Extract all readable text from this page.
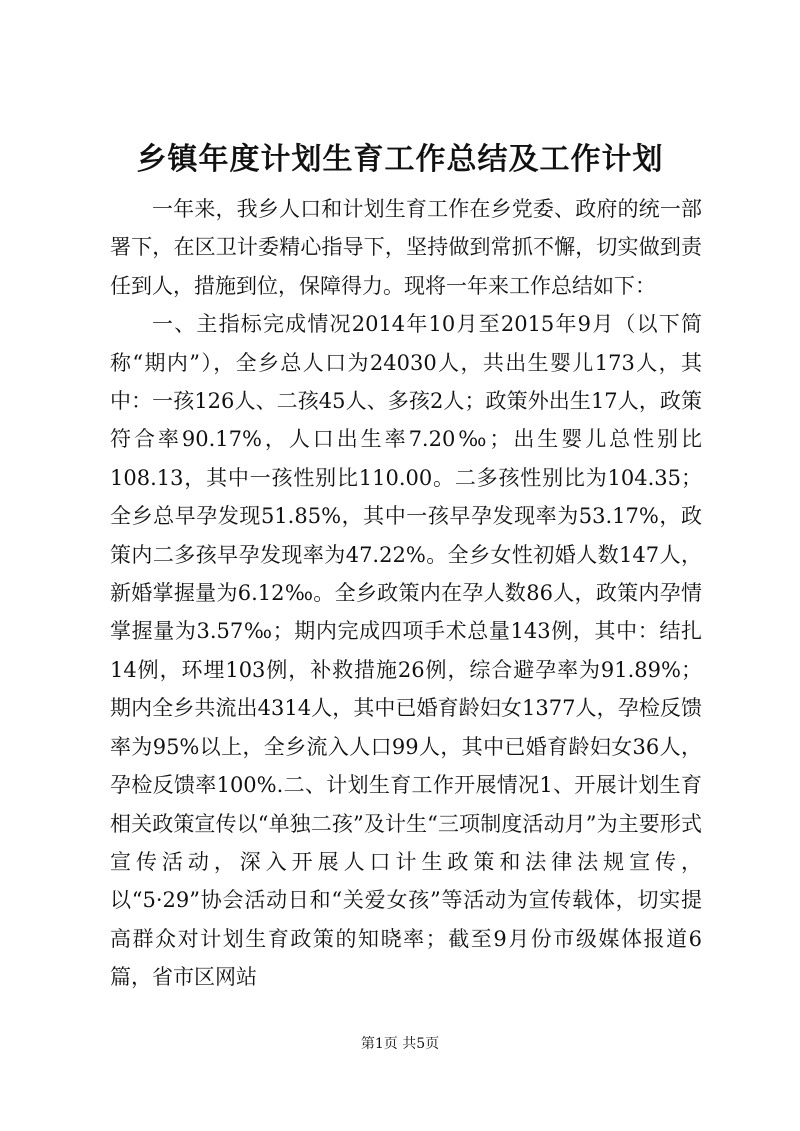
乡镇年度计划生育工作总结及工作计划

一年来，我乡人口和计划生育工作在乡党委、政府的统一部署下，在区卫计委精心指导下，坚持做到常抓不懈，切实做到责任到人，措施到位，保障得力。现将一年来工作总结如下：

一、主指标完成情况2014年10月至2015年9月（以下简称“期内”），全乡总人口为24030人，共出生婴儿173人，其中：一孩126人、二孩45人、多孩2人；政策外出生17人，政策符合率90.17%，人口出生率7.20‰；出生婴儿总性别比108.13，其中一孩性别比110.00。二多孩性别比为104.35；全乡总早孕发现51.85%，其中一孩早孕发现率为53.17%，政策内二多孩早孕发现率为47.22%。全乡女性初婚人数147人，新婚掌握量为6.12‰。全乡政策内在孕人数86人，政策内孕情掌握量为3.57‰；期内完成四项手术总量143例，其中：结扎14例，环埋103例，补救措施26例，综合避孕率为91.89%；期内全乡共流出4314人，其中已婚育龄妇女1377人，孕检反馈率为95%以上，全乡流入人口99人，其中已婚育龄妇女36人，孕检反馈率100%.二、计划生育工作开展情况1、开展计划生育相关政策宣传以“单独二孩”及计生“三项制度活动月”为主要形式宣传活动，深入开展人口计生政策和法律法规宣传，以“5·29”协会活动日和“关爱女孩”等活动为宣传载体，切实提高群众对计划生育政策的知晓率；截至9月份市级媒体报道6篇，省市区网站

第1页 共5页
